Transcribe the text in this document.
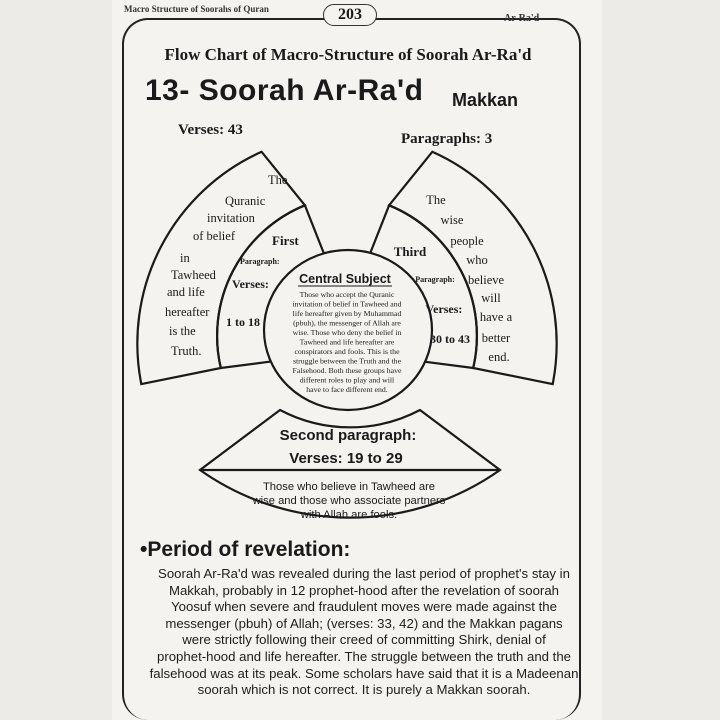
Macro Structure of Soorahs of Quran	203	Ar-Ra'd
Flow Chart of Macro-Structure of Soorah Ar-Ra'd
13- Soorah Ar-Ra'd Makkan
Verses: 43
Paragraphs: 3
The
Quranic
invitation
of belief
in
Tawheed
and life
hereafter
is the
Truth.
First
Paragraph:
Verses:
1 to 18
The
wise
people
who
believe
will
have a
better
end.
Third
Paragraph:
Verses:
30 to 43
Central Subject
Those who accept the Quranic
invitation of belief in Tawheed and
life hereafter given by Muhammad
(pbuh), the messenger of Allah are
wise. Those who deny the belief in
Tawheed and life hereafter are
conspirators and fools. This is the
struggle between the Truth and the
Falsehood. Both these groups have
different roles to play and will
have to face different end.
Second paragraph:
Verses: 19 to 29
Those who believe in Tawheed are
wise and those who associate partners
with Allah are fools.
•Period of revelation:
Soorah Ar-Ra'd was revealed during the last period of prophet's stay in
Makkah, probably in 12 prophet-hood after the revelation of soorah
Yoosuf when severe and fraudulent moves were made against the
messenger (pbuh) of Allah; (verses: 33, 42) and the Makkan pagans
were strictly following their creed of committing Shirk, denial of
prophet-hood and life hereafter. The struggle between the truth and the
falsehood was at its peak. Some scholars have said that it is a Madeenan
soorah which is not correct. It is purely a Makkan soorah.
